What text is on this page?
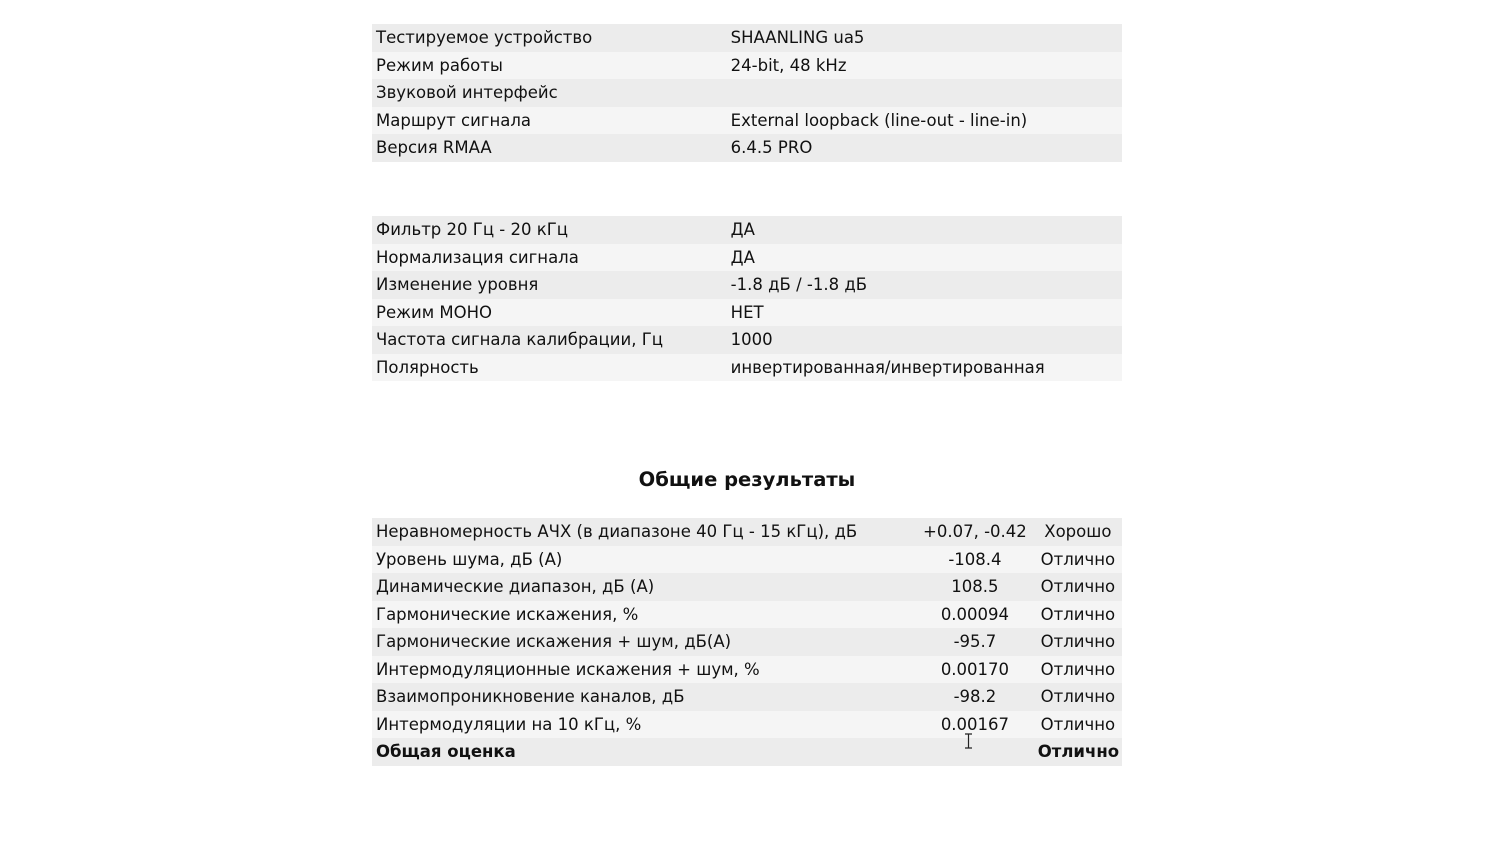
Тестируемое устройство	SHAANLING ua5
Режим работы	24-bit, 48 kHz
Звуковой интерфейс	
Маршрут сигнала	External loopback (line-out - line-in)
Версия RMAA	6.4.5 PRO
Фильтр 20 Гц - 20 кГц	ДА
Нормализация сигнала	ДА
Изменение уровня	-1.8 дБ / -1.8 дБ
Режим МОНО	НЕТ
Частота сигнала калибрации, Гц	1000
Полярность	инвертированная/инвертированная
Общие результаты
Неравномерность АЧХ (в диапазоне 40 Гц - 15 кГц), дБ	+0.07, -0.42	Хорошо
Уровень шума, дБ (А)	-108.4	Отлично
Динамические диапазон, дБ (А)	108.5	Отлично
Гармонические искажения, %	0.00094	Отлично
Гармонические искажения + шум, дБ(А)	-95.7	Отлично
Интермодуляционные искажения + шум, %	0.00170	Отлично
Взаимопроникновение каналов, дБ	-98.2	Отлично
Интермодуляции на 10 кГц, %	0.00167	Отлично
Общая оценка		Отлично
